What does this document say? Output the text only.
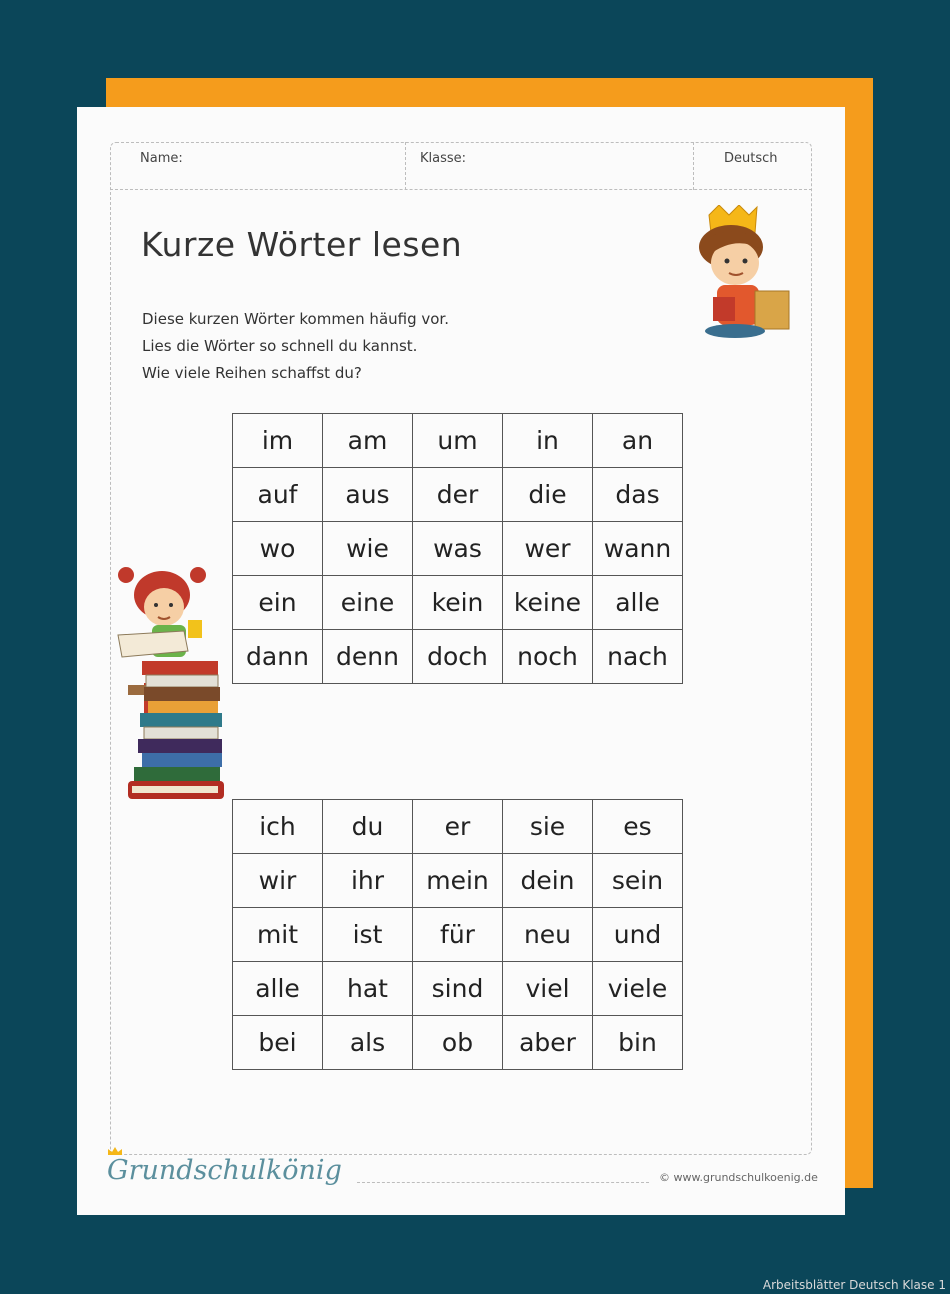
Name:	Klasse:	Deutsch
Kurze Wörter lesen
Diese kurzen Wörter kommen häufig vor.
Lies die Wörter so schnell du kannst.
Wie viele Reihen schaffst du?
im	am	um	in	an
auf	aus	der	die	das
wo	wie	was	wer	wann
ein	eine	kein	keine	alle
dann	denn	doch	noch	nach
ich	du	er	sie	es
wir	ihr	mein	dein	sein
mit	ist	für	neu	und
alle	hat	sind	viel	viele
bei	als	ob	aber	bin
Grundschulkönig	© www.grundschulkoenig.de
Arbeitsblätter Deutsch Klase 1
